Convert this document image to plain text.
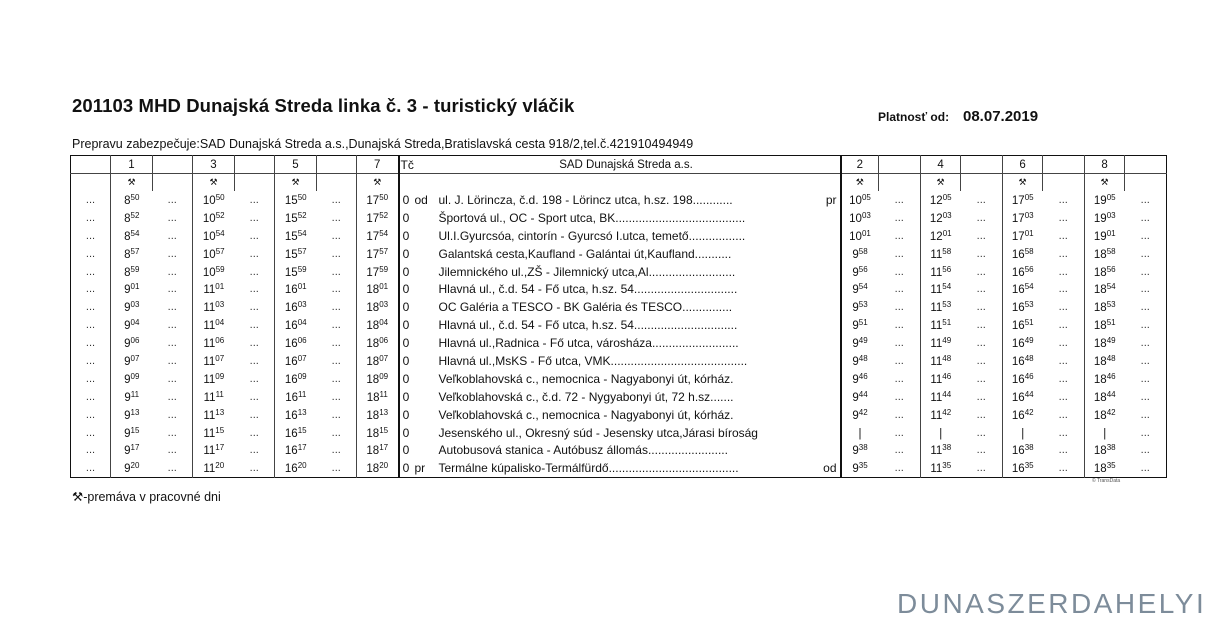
201103 MHD Dunajská Streda linka č. 3 - turistický vláčik
Platnosť od: 08.07.2019
Prepravu zabezpečuje:SAD Dunajská Streda a.s.,Dunajská Streda,Bratislavská cesta 918/2,tel.č.421910494949
	1		3		5		7	Tč	SAD Dunajská Streda a.s.			2		4		6		8	
	⚒		⚒		⚒		⚒					⚒		⚒		⚒		⚒	
...	$8^{50}$	...	$10^{50}$	...	$15^{50}$	...	$17^{50}$	0	od	ul. J. Lörincza, č.d. 198 - Lörincz utca, h.sz. 198............	pr	$10^{05}$	...	$12^{05}$	...	$17^{05}$	...	$19^{05}$	...
...	$8^{52}$	...	$10^{52}$	...	$15^{52}$	...	$17^{52}$	0		Športová ul., OC - Sport utca, BK.......................................		$10^{03}$	...	$12^{03}$	...	$17^{03}$	...	$19^{03}$	...
...	$8^{54}$	...	$10^{54}$	...	$15^{54}$	...	$17^{54}$	0		Ul.I.Gyurcsóa, cintorín - Gyurcsó I.utca, temető.................		$10^{01}$	...	$12^{01}$	...	$17^{01}$	...	$19^{01}$	...
...	$8^{57}$	...	$10^{57}$	...	$15^{57}$	...	$17^{57}$	0		Galantská cesta,Kaufland - Galántai út,Kaufland...........		$9^{58}$	...	$11^{58}$	...	$16^{58}$	...	$18^{58}$	...
...	$8^{59}$	...	$10^{59}$	...	$15^{59}$	...	$17^{59}$	0		Jilemnického ul.,ZŠ - Jilemnický utca,Al..........................		$9^{56}$	...	$11^{56}$	...	$16^{56}$	...	$18^{56}$	...
...	$9^{01}$	...	$11^{01}$	...	$16^{01}$	...	$18^{01}$	0		Hlavná ul., č.d. 54 - Fő utca, h.sz. 54...............................		$9^{54}$	...	$11^{54}$	...	$16^{54}$	...	$18^{54}$	...
...	$9^{03}$	...	$11^{03}$	...	$16^{03}$	...	$18^{03}$	0		OC Galéria a TESCO - BK Galéria és TESCO...............		$9^{53}$	...	$11^{53}$	...	$16^{53}$	...	$18^{53}$	...
...	$9^{04}$	...	$11^{04}$	...	$16^{04}$	...	$18^{04}$	0		Hlavná ul., č.d. 54 - Fő utca, h.sz. 54...............................		$9^{51}$	...	$11^{51}$	...	$16^{51}$	...	$18^{51}$	...
...	$9^{06}$	...	$11^{06}$	...	$16^{06}$	...	$18^{06}$	0		Hlavná ul.,Radnica - Fő utca, városháza..........................		$9^{49}$	...	$11^{49}$	...	$16^{49}$	...	$18^{49}$	...
...	$9^{07}$	...	$11^{07}$	...	$16^{07}$	...	$18^{07}$	0		Hlavná ul.,MsKS - Fő utca, VMK.........................................		$9^{48}$	...	$11^{48}$	...	$16^{48}$	...	$18^{48}$	...
...	$9^{09}$	...	$11^{09}$	...	$16^{09}$	...	$18^{09}$	0		Veľkoblahovská c., nemocnica - Nagyabonyi út, kórház.		$9^{46}$	...	$11^{46}$	...	$16^{46}$	...	$18^{46}$	...
...	$9^{11}$	...	$11^{11}$	...	$16^{11}$	...	$18^{11}$	0		Veľkoblahovská c., č.d. 72 - Nygyabonyi út, 72 h.sz.......		$9^{44}$	...	$11^{44}$	...	$16^{44}$	...	$18^{44}$	...
...	$9^{13}$	...	$11^{13}$	...	$16^{13}$	...	$18^{13}$	0		Veľkoblahovská c., nemocnica - Nagyabonyi út, kórház.		$9^{42}$	...	$11^{42}$	...	$16^{42}$	...	$18^{42}$	...
...	$9^{15}$	...	$11^{15}$	...	$16^{15}$	...	$18^{15}$	0		Jesenského ul., Okresný súd - Jesensky utca,Járasi bíroság		|	...	|	...	|	...	|	...
...	$9^{17}$	...	$11^{17}$	...	$16^{17}$	...	$18^{17}$	0		Autobusová stanica - Autóbusz állomás........................		$9^{38}$	...	$11^{38}$	...	$16^{38}$	...	$18^{38}$	...
...	$9^{20}$	...	$11^{20}$	...	$16^{20}$	...	$18^{20}$	0	pr	Termálne kúpalisko-Termálfürdő.......................................	od	$9^{35}$	...	$11^{35}$	...	$16^{35}$	...	$18^{35}$	...
⚒-premáva v pracovné dni
© TransData
DUNASZERDAHELYI
